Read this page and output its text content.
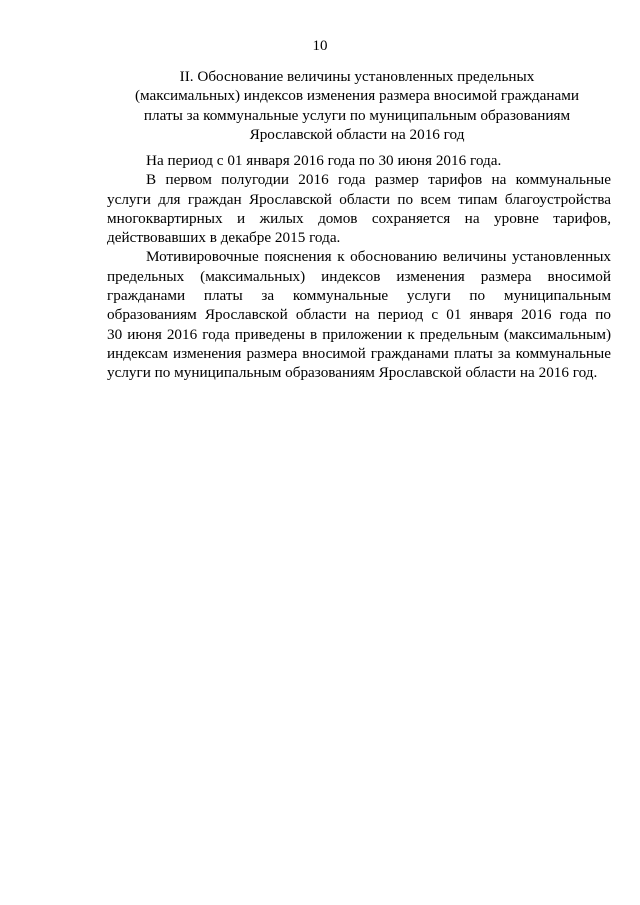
10
II. Обоснование величины установленных предельных
(максимальных) индексов изменения размера вносимой гражданами
платы за коммунальные услуги по муниципальным образованиям
Ярославской области на 2016 год

На период с 01 января 2016 года по 30 июня 2016 года.

В первом полугодии 2016 года размер тарифов на коммунальные
услуги для граждан Ярославской области по всем типам благоустройства
многоквартирных и жилых домов сохраняется на уровне тарифов,
действовавших в декабре 2015 года.

Мотивировочные пояснения к обоснованию величины установленных
предельных (максимальных) индексов изменения размера вносимой
гражданами платы за коммунальные услуги по муниципальным
образованиям Ярославской области на период с 01 января 2016 года по
30 июня 2016 года приведены в приложении к предельным (максимальным)
индексам изменения размера вносимой гражданами платы за коммунальные
услуги по муниципальным образованиям Ярославской области на 2016 год.
